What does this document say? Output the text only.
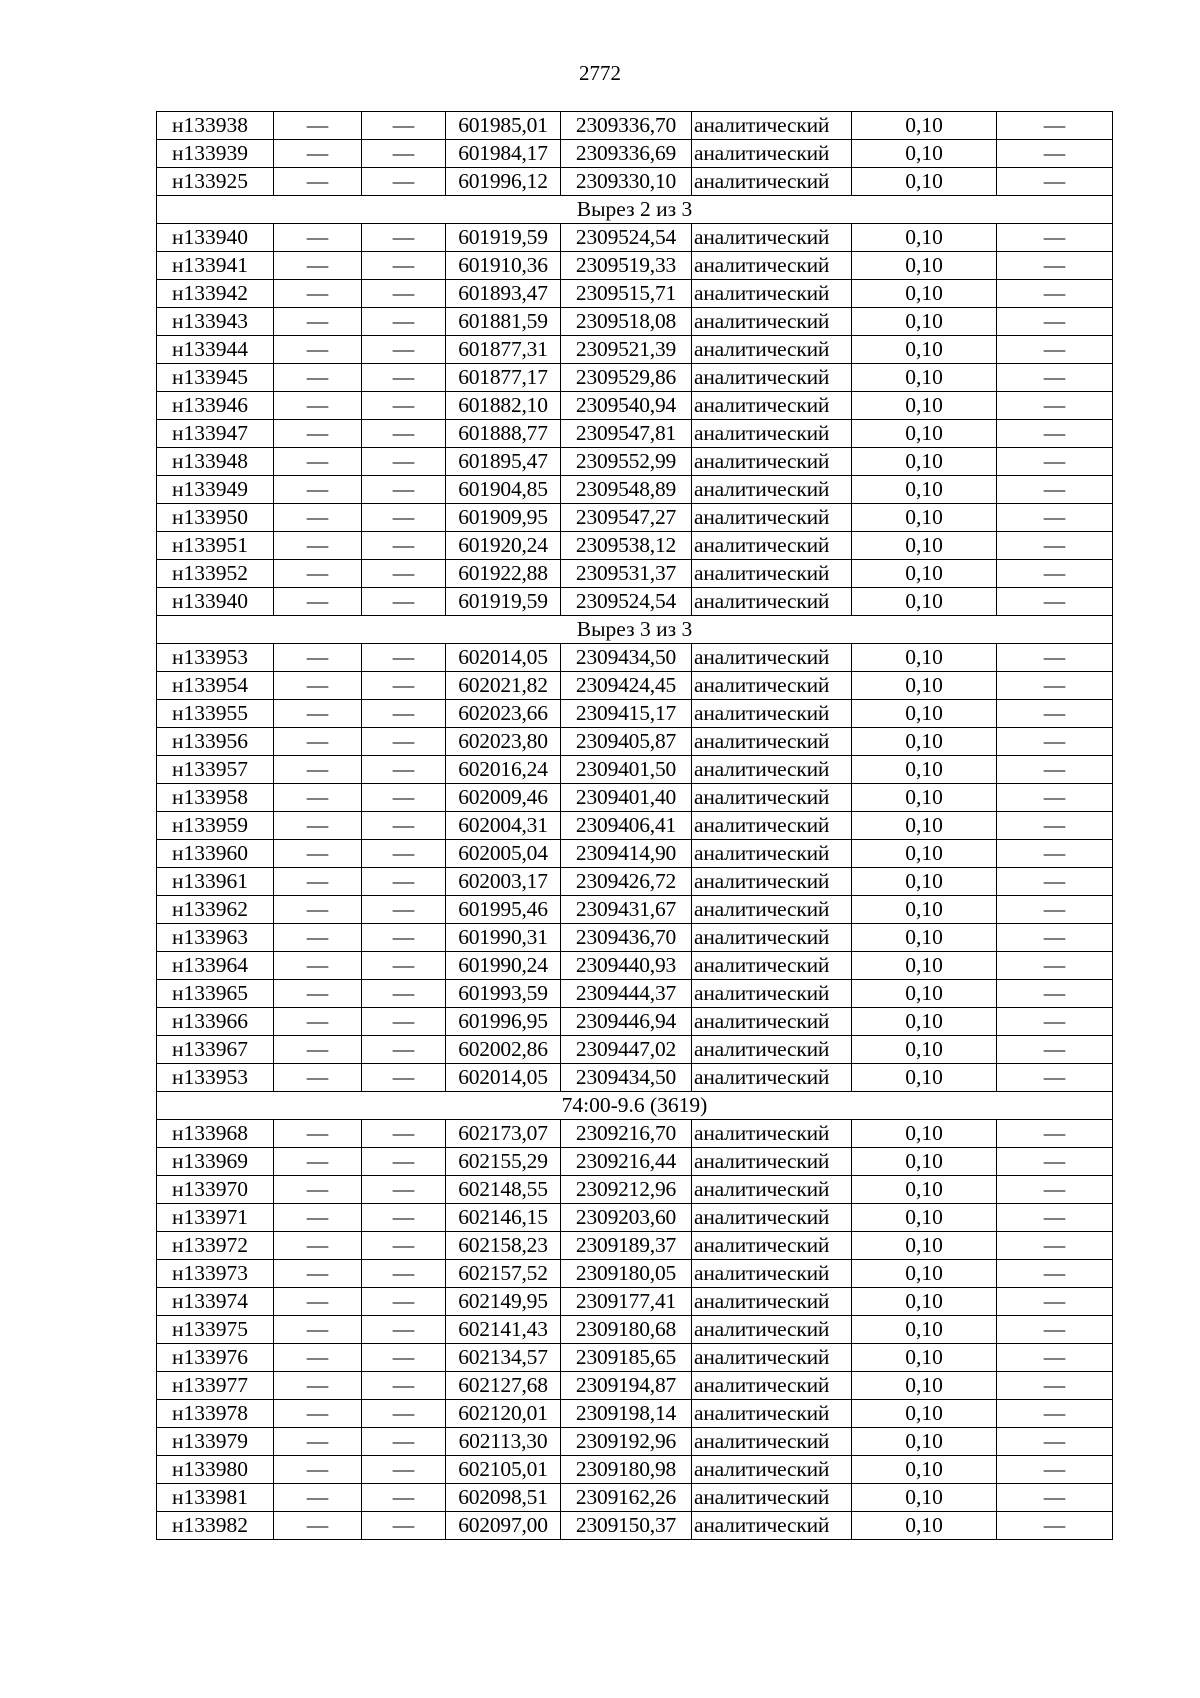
2772
н133938	—	—	601985,01	2309336,70	аналитический	0,10	—
н133939	—	—	601984,17	2309336,69	аналитический	0,10	—
н133925	—	—	601996,12	2309330,10	аналитический	0,10	—
Вырез 2 из 3							
н133940	—	—	601919,59	2309524,54	аналитический	0,10	—
н133941	—	—	601910,36	2309519,33	аналитический	0,10	—
н133942	—	—	601893,47	2309515,71	аналитический	0,10	—
н133943	—	—	601881,59	2309518,08	аналитический	0,10	—
н133944	—	—	601877,31	2309521,39	аналитический	0,10	—
н133945	—	—	601877,17	2309529,86	аналитический	0,10	—
н133946	—	—	601882,10	2309540,94	аналитический	0,10	—
н133947	—	—	601888,77	2309547,81	аналитический	0,10	—
н133948	—	—	601895,47	2309552,99	аналитический	0,10	—
н133949	—	—	601904,85	2309548,89	аналитический	0,10	—
н133950	—	—	601909,95	2309547,27	аналитический	0,10	—
н133951	—	—	601920,24	2309538,12	аналитический	0,10	—
н133952	—	—	601922,88	2309531,37	аналитический	0,10	—
н133940	—	—	601919,59	2309524,54	аналитический	0,10	—
Вырез 3 из 3							
н133953	—	—	602014,05	2309434,50	аналитический	0,10	—
н133954	—	—	602021,82	2309424,45	аналитический	0,10	—
н133955	—	—	602023,66	2309415,17	аналитический	0,10	—
н133956	—	—	602023,80	2309405,87	аналитический	0,10	—
н133957	—	—	602016,24	2309401,50	аналитический	0,10	—
н133958	—	—	602009,46	2309401,40	аналитический	0,10	—
н133959	—	—	602004,31	2309406,41	аналитический	0,10	—
н133960	—	—	602005,04	2309414,90	аналитический	0,10	—
н133961	—	—	602003,17	2309426,72	аналитический	0,10	—
н133962	—	—	601995,46	2309431,67	аналитический	0,10	—
н133963	—	—	601990,31	2309436,70	аналитический	0,10	—
н133964	—	—	601990,24	2309440,93	аналитический	0,10	—
н133965	—	—	601993,59	2309444,37	аналитический	0,10	—
н133966	—	—	601996,95	2309446,94	аналитический	0,10	—
н133967	—	—	602002,86	2309447,02	аналитический	0,10	—
н133953	—	—	602014,05	2309434,50	аналитический	0,10	—
74:00-9.6 (3619)							
н133968	—	—	602173,07	2309216,70	аналитический	0,10	—
н133969	—	—	602155,29	2309216,44	аналитический	0,10	—
н133970	—	—	602148,55	2309212,96	аналитический	0,10	—
н133971	—	—	602146,15	2309203,60	аналитический	0,10	—
н133972	—	—	602158,23	2309189,37	аналитический	0,10	—
н133973	—	—	602157,52	2309180,05	аналитический	0,10	—
н133974	—	—	602149,95	2309177,41	аналитический	0,10	—
н133975	—	—	602141,43	2309180,68	аналитический	0,10	—
н133976	—	—	602134,57	2309185,65	аналитический	0,10	—
н133977	—	—	602127,68	2309194,87	аналитический	0,10	—
н133978	—	—	602120,01	2309198,14	аналитический	0,10	—
н133979	—	—	602113,30	2309192,96	аналитический	0,10	—
н133980	—	—	602105,01	2309180,98	аналитический	0,10	—
н133981	—	—	602098,51	2309162,26	аналитический	0,10	—
н133982	—	—	602097,00	2309150,37	аналитический	0,10	—
